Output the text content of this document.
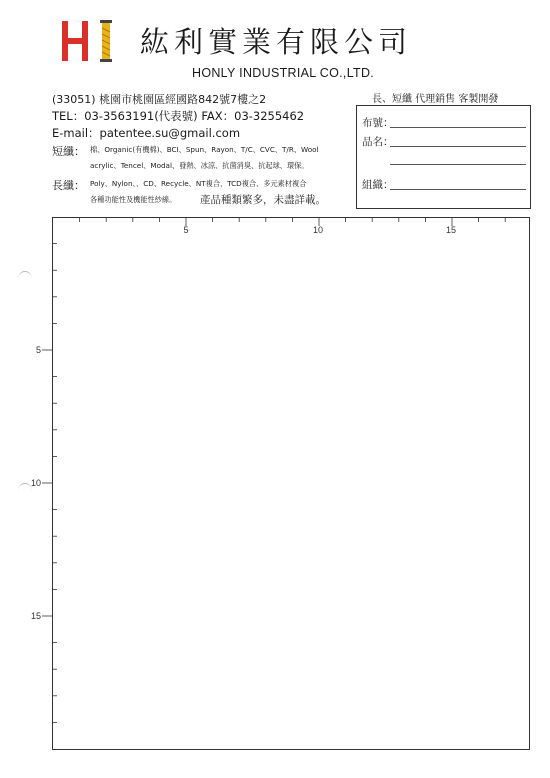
紘利實業有限公司
HONLY INDUSTRIAL CO.,LTD.
(33051) 桃園市桃園區經國路842號7樓之2
TEL：03-3563191(代表號) FAX：03-3255462
E-mail：patentee.su@gmail.com
短纖： 棉、Organic(有機棉)、BCI、Spun、Rayon、T/C、CVC、T/R、Wool
acrylic、Tencel、Modal、發熱、冰涼、抗菌消臭、抗起球、環保。
長纖： Poly、Nylon、、CD、Recycle、NT複合、TCD複合、多元素材複合
各種功能性及機能性紗線。 產品種類繁多，未盡詳載。
長、短纖 代理銷售 客製開發
布號：
品名：
組織：
5	10	15
5
10
15
